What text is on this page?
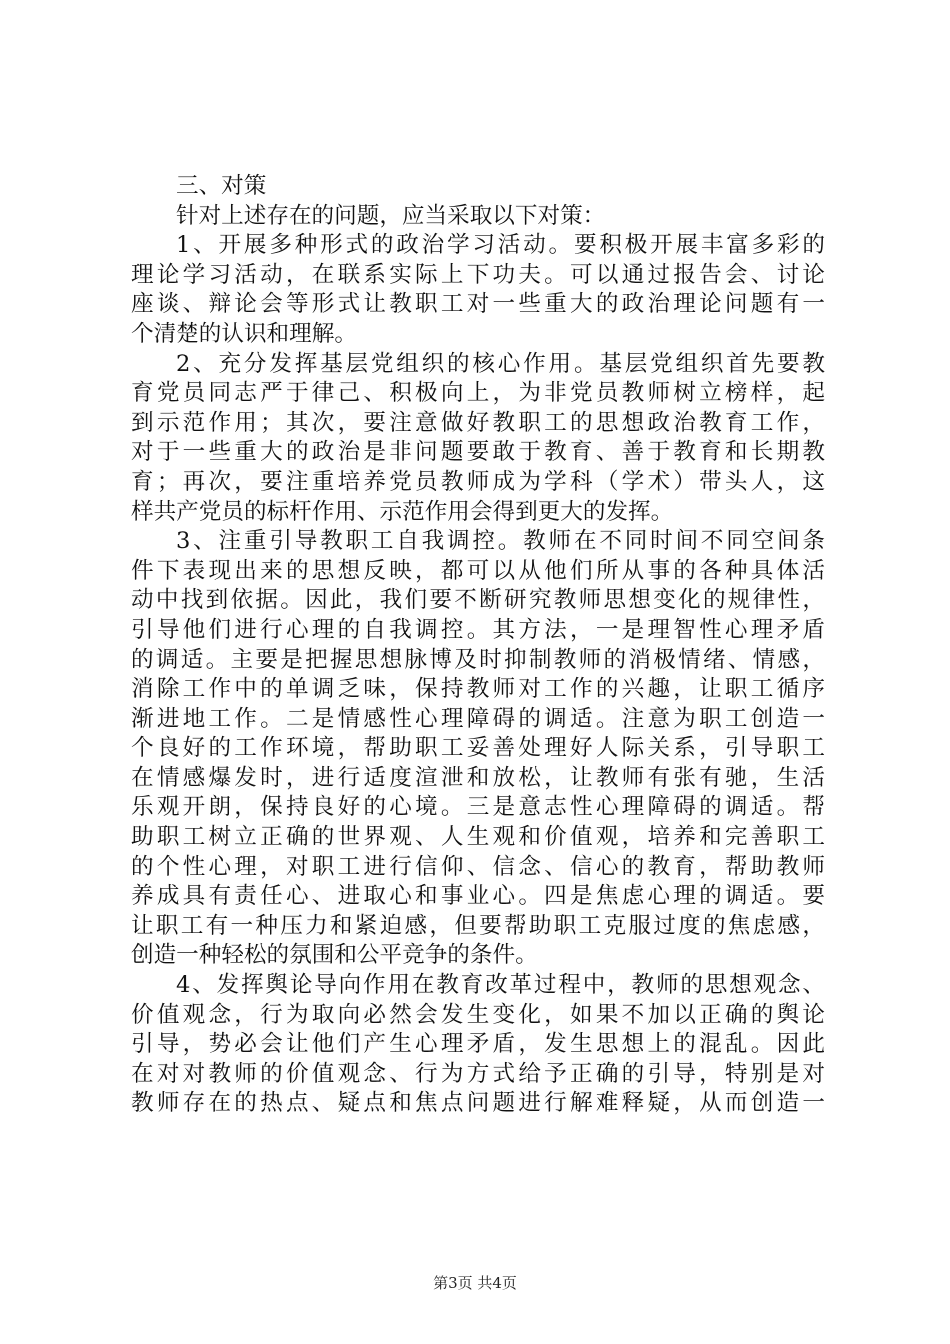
三、对策
针对上述存在的问题，应当采取以下对策：
1、开展多种形式的政治学习活动。要积极开展丰富多彩的
理论学习活动，在联系实际上下功夫。可以通过报告会、讨论
座谈、辩论会等形式让教职工对一些重大的政治理论问题有一
个清楚的认识和理解。
2、充分发挥基层党组织的核心作用。基层党组织首先要教
育党员同志严于律己、积极向上，为非党员教师树立榜样，起
到示范作用；其次，要注意做好教职工的思想政治教育工作，
对于一些重大的政治是非问题要敢于教育、善于教育和长期教
育；再次，要注重培养党员教师成为学科（学术）带头人，这
样共产党员的标杆作用、示范作用会得到更大的发挥。
3、注重引导教职工自我调控。教师在不同时间不同空间条
件下表现出来的思想反映，都可以从他们所从事的各种具体活
动中找到依据。因此，我们要不断研究教师思想变化的规律性，
引导他们进行心理的自我调控。其方法，一是理智性心理矛盾
的调适。主要是把握思想脉博及时抑制教师的消极情绪、情感，
消除工作中的单调乏味，保持教师对工作的兴趣，让职工循序
渐进地工作。二是情感性心理障碍的调适。注意为职工创造一
个良好的工作环境，帮助职工妥善处理好人际关系，引导职工
在情感爆发时，进行适度渲泄和放松，让教师有张有驰，生活
乐观开朗，保持良好的心境。三是意志性心理障碍的调适。帮
助职工树立正确的世界观、人生观和价值观，培养和完善职工
的个性心理，对职工进行信仰、信念、信心的教育，帮助教师
养成具有责任心、进取心和事业心。四是焦虑心理的调适。要
让职工有一种压力和紧迫感，但要帮助职工克服过度的焦虑感，
创造一种轻松的氛围和公平竞争的条件。
4、发挥舆论导向作用在教育改革过程中，教师的思想观念、
价值观念，行为取向必然会发生变化，如果不加以正确的舆论
引导，势必会让他们产生心理矛盾，发生思想上的混乱。因此
在对对教师的价值观念、行为方式给予正确的引导，特别是对
教师存在的热点、疑点和焦点问题进行解难释疑，从而创造一
第3页 共4页
